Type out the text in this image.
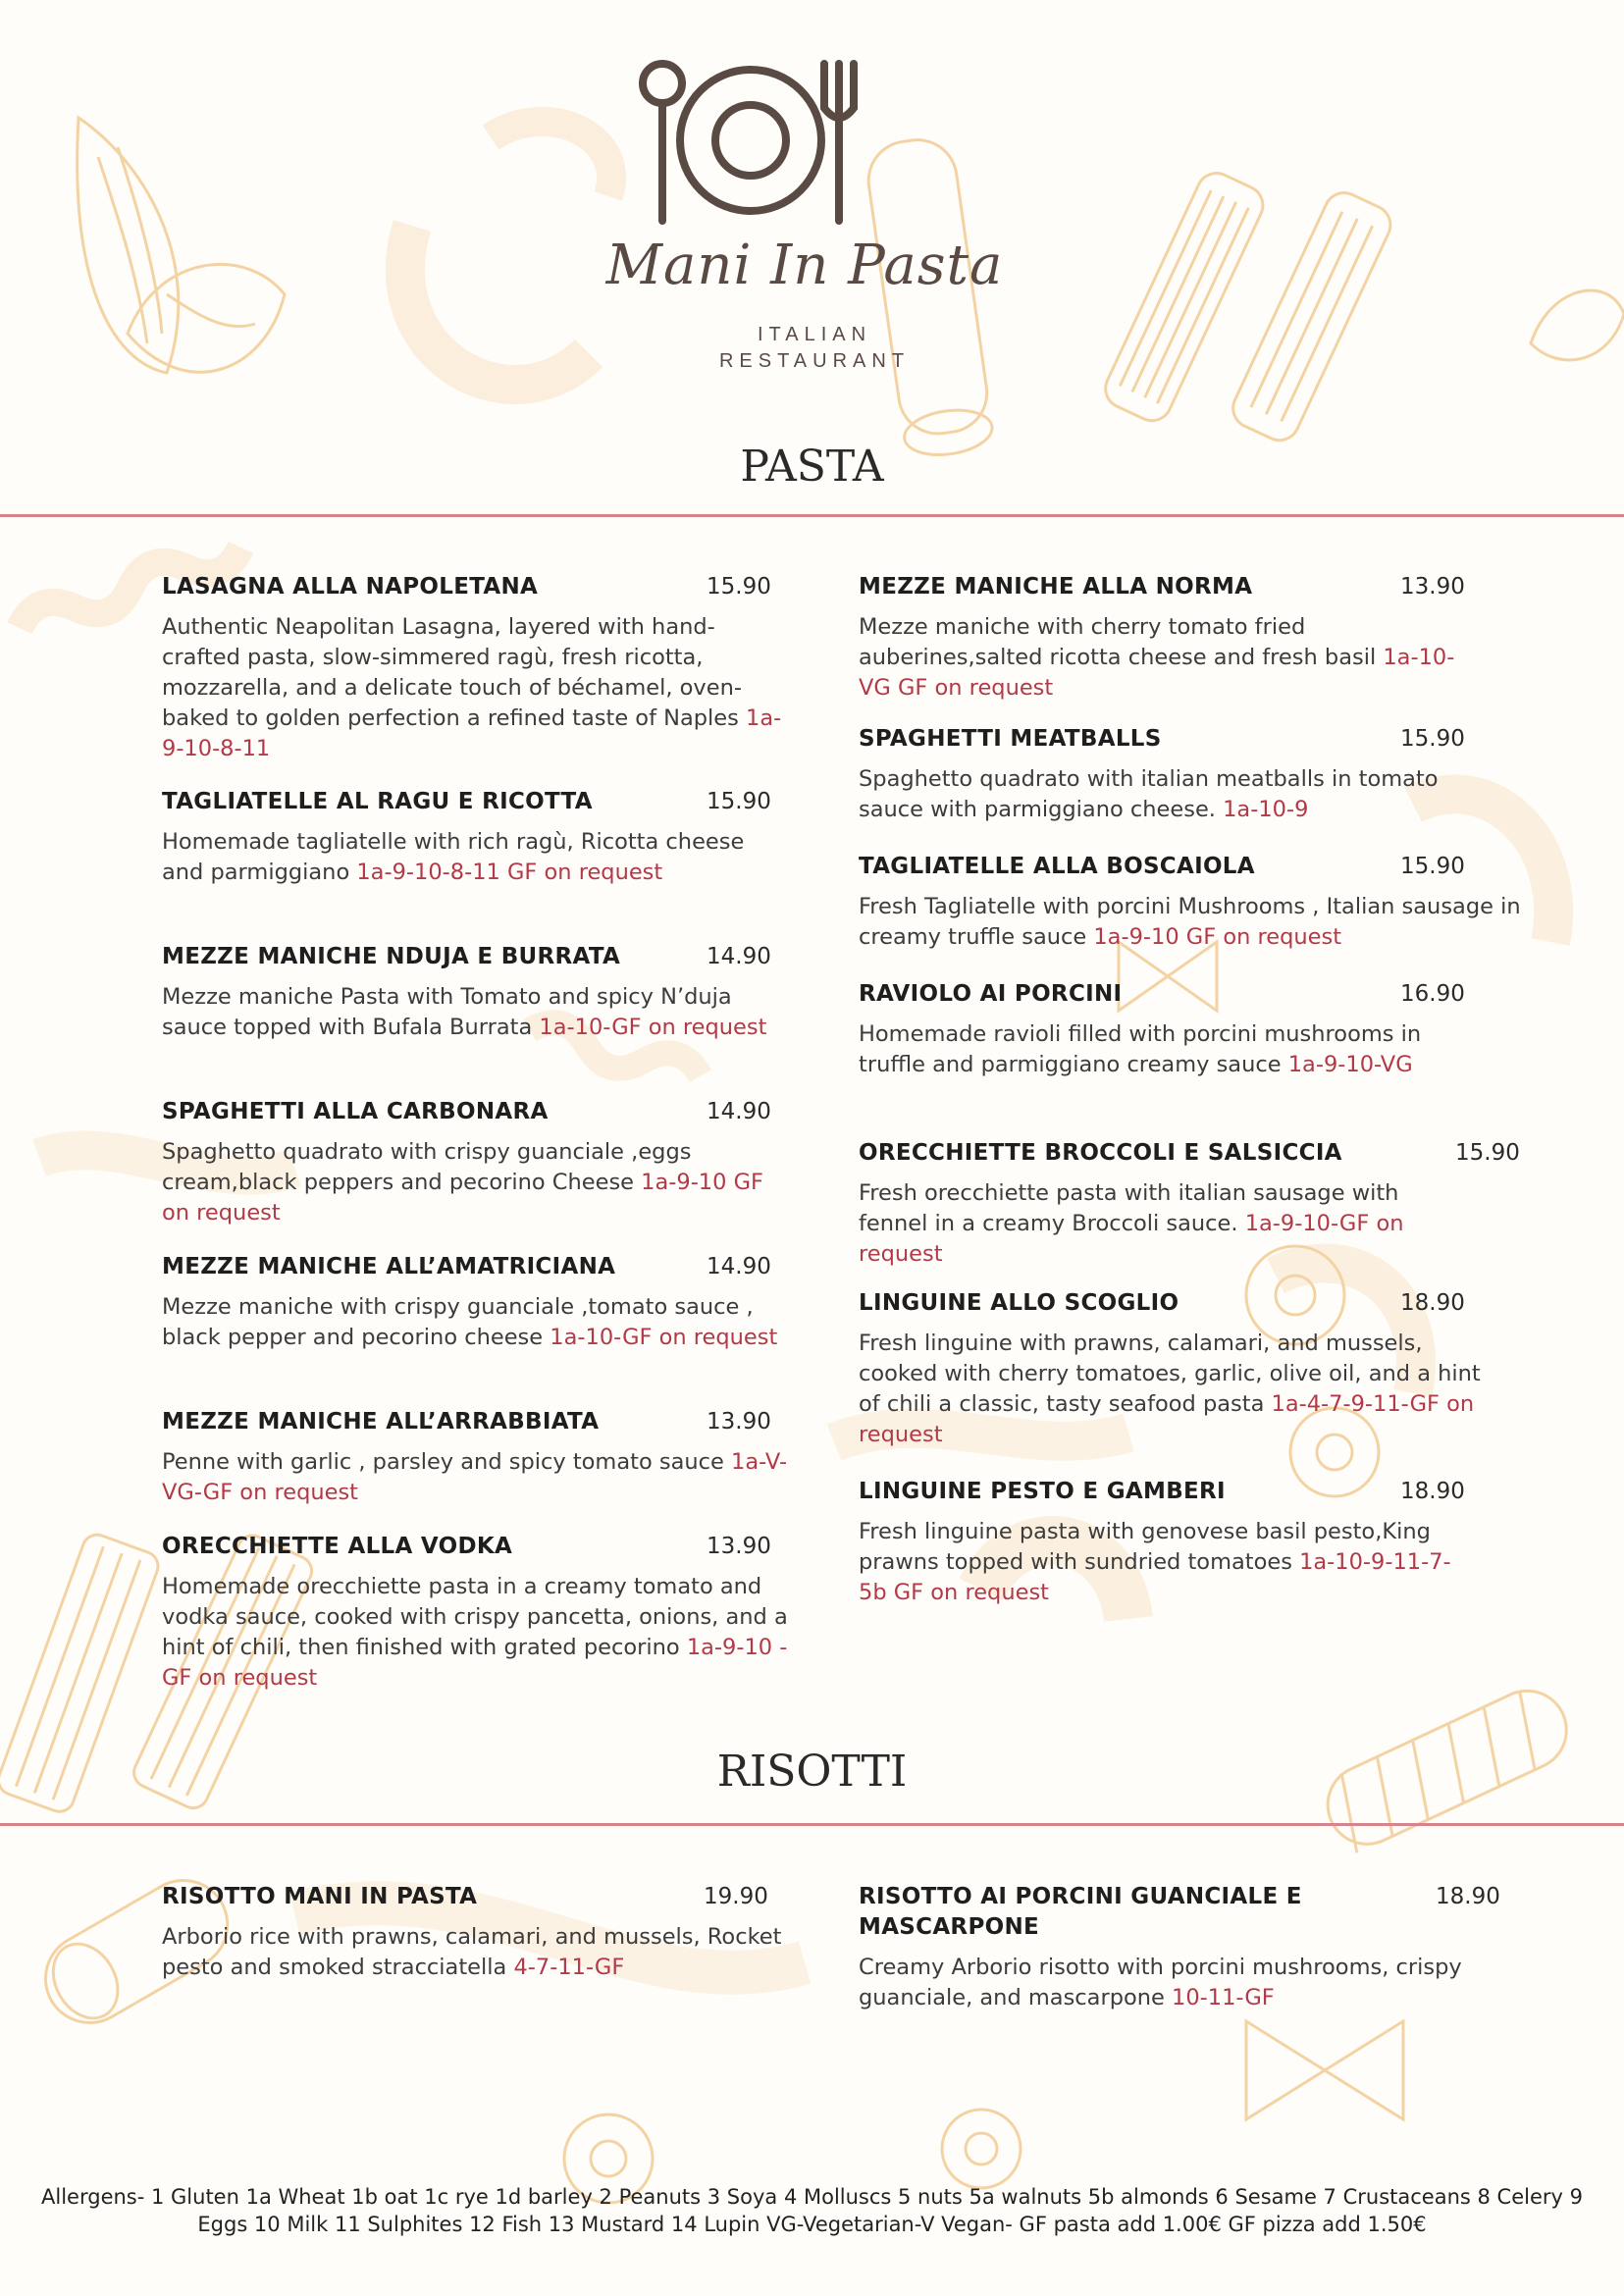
Mani In Pasta
ITALIAN
RESTAURANT
PASTA
LASAGNA ALLA NAPOLETANA	15.90
Authentic Neapolitan Lasagna, layered with hand-crafted pasta, slow-simmered ragù, fresh ricotta, mozzarella, and a delicate touch of béchamel, oven-baked to golden perfection a refined taste of Naples 1a-9-10-8-11
TAGLIATELLE AL RAGU E RICOTTA	15.90
Homemade tagliatelle with rich ragù, Ricotta cheese and parmiggiano 1a-9-10-8-11 GF on request
MEZZE MANICHE NDUJA E BURRATA	14.90
Mezze maniche Pasta with Tomato and spicy N’duja sauce topped with Bufala Burrata 1a-10-GF on request
SPAGHETTI ALLA CARBONARA	14.90
Spaghetto quadrato with crispy guanciale ,eggs cream,black peppers and pecorino Cheese 1a-9-10 GF on request
MEZZE MANICHE ALL’AMATRICIANA	14.90
Mezze maniche with crispy guanciale ,tomato sauce , black pepper and pecorino cheese 1a-10-GF on request
MEZZE MANICHE ALL’ARRABBIATA	13.90
Penne with garlic , parsley and spicy tomato sauce 1a-V-VG-GF on request
ORECCHIETTE ALLA VODKA	13.90
Homemade orecchiette pasta in a creamy tomato and vodka sauce, cooked with crispy pancetta, onions, and a hint of chili, then finished with grated pecorino 1a-9-10 -GF on request
MEZZE MANICHE ALLA NORMA	13.90
Mezze maniche with cherry tomato fried auberines,salted ricotta cheese and fresh basil 1a-10-VG GF on request
SPAGHETTI MEATBALLS	15.90
Spaghetto quadrato with italian meatballs in tomato sauce with parmiggiano cheese. 1a-10-9
TAGLIATELLE ALLA BOSCAIOLA	15.90
Fresh Tagliatelle with porcini Mushrooms , Italian sausage in creamy truffle sauce 1a-9-10 GF on request
RAVIOLO AI PORCINI	16.90
Homemade ravioli filled with porcini mushrooms in truffle and parmiggiano creamy sauce 1a-9-10-VG
ORECCHIETTE BROCCOLI E SALSICCIA	15.90
Fresh orecchiette pasta with italian sausage with fennel in a creamy Broccoli sauce. 1a-9-10-GF on request
LINGUINE ALLO SCOGLIO	18.90
Fresh linguine with prawns, calamari, and mussels, cooked with cherry tomatoes, garlic, olive oil, and a hint of chili a classic, tasty seafood pasta 1a-4-7-9-11-GF on request
LINGUINE PESTO E GAMBERI	18.90
Fresh linguine pasta with genovese basil pesto,King prawns topped with sundried tomatoes 1a-10-9-11-7-5b GF on request
RISOTTI
RISOTTO MANI IN PASTA	19.90
Arborio rice with prawns, calamari, and mussels, Rocket pesto and smoked stracciatella 4-7-11-GF
RISOTTO AI PORCINI GUANCIALE E MASCARPONE
18.90
Creamy Arborio risotto with porcini mushrooms, crispy guanciale, and mascarpone 10-11-GF
Allergens- 1 Gluten 1a Wheat 1b oat 1c rye 1d barley 2 Peanuts 3 Soya 4 Molluscs 5 nuts 5a walnuts 5b almonds 6 Sesame 7 Crustaceans 8 Celery 9
Eggs 10 Milk 11 Sulphites 12 Fish 13 Mustard 14 Lupin VG-Vegetarian-V Vegan- GF pasta add 1.00€ GF pizza add 1.50€
